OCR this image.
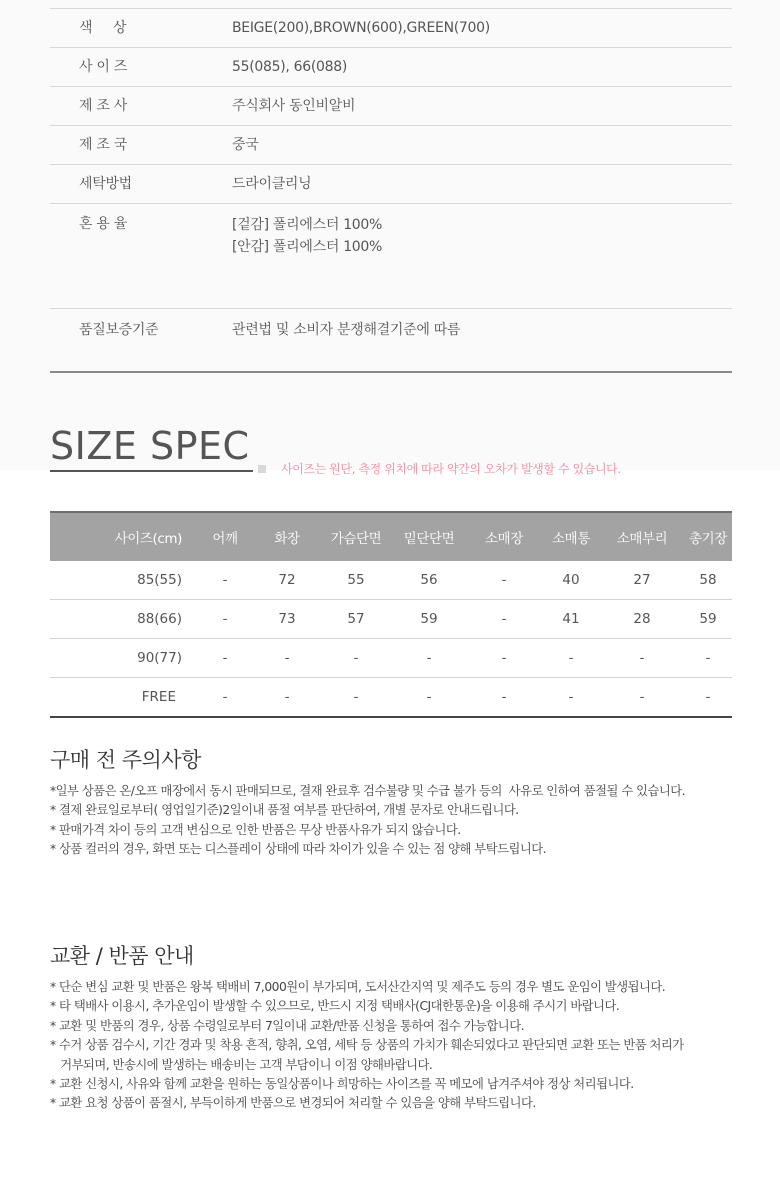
색     상	BEIGE(200),BROWN(600),GREEN(700)
사 이 즈	55(085), 66(088)
제 조 사	주식회사 동인비알비
제 조 국	중국
세탁방법	드라이클리닝
혼 용 율	[겉감] 폴리에스터 100%
[안감] 폴리에스터 100%
품질보증기준	관련법 및 소비자 분쟁해결기준에 따름
SIZE SPEC
사이즈는 원단, 측정 위치에 따라 약간의 오차가 발생할 수 있습니다.
사이즈(cm)	어깨	화장	가슴단면	밑단단면	소매장	소매통	소매부리	총기장
85(55)	-	72	55	56	-	40	27	58
88(66)	-	73	57	59	-	41	28	59
90(77)	-	-	-	-	-	-	-	-
FREE	-	-	-	-	-	-	-	-
구매 전 주의사항
*일부 상품은 온/오프 매장에서 동시 판매되므로, 결재 완료후 검수불량 및 수급 불가 등의  사유로 인하여 품절될 수 있습니다.
* 결제 완료일로부터( 영업일기준)2일이내 품절 여부를 판단하여, 개별 문자로 안내드립니다.
* 판매가격 차이 등의 고객 변심으로 인한 반품은 무상 반품사유가 되지 않습니다.
* 상품 컬러의 경우, 화면 또는 디스플레이 상태에 따라 차이가 있을 수 있는 점 양해 부탁드립니다.
교환 / 반품 안내
* 단순 변심 교환 및 반품은 왕복 택배비 7,000원이 부가되며, 도서산간지역 및 제주도 등의 경우 별도 운임이 발생됩니다.
* 타 택배사 이용시, 추가운임이 발생할 수 있으므로, 반드시 지정 택배사(CJ대한통운)을 이용해 주시기 바랍니다.
* 교환 및 반품의 경우, 상품 수령일로부터 7일이내 교환/반품 신청을 통하여 접수 가능합니다.
* 수거 상품 검수시, 기간 경과 및 착용 흔적, 향취, 오염, 세탁 등 상품의 가치가 훼손되었다고 판단되면 교환 또는 반품 처리가
거부되며, 반송시에 발생하는 배송비는 고객 부담이니 이점 양해바랍니다.
* 교환 신청시, 사유와 함께 교환을 원하는 동일상품이나 희망하는 사이즈를 꼭 메모에 남겨주셔야 정상 처리됩니다.
* 교환 요청 상품이 품절시, 부득이하게 반품으로 변경되어 처리할 수 있음을 양해 부탁드립니다.
